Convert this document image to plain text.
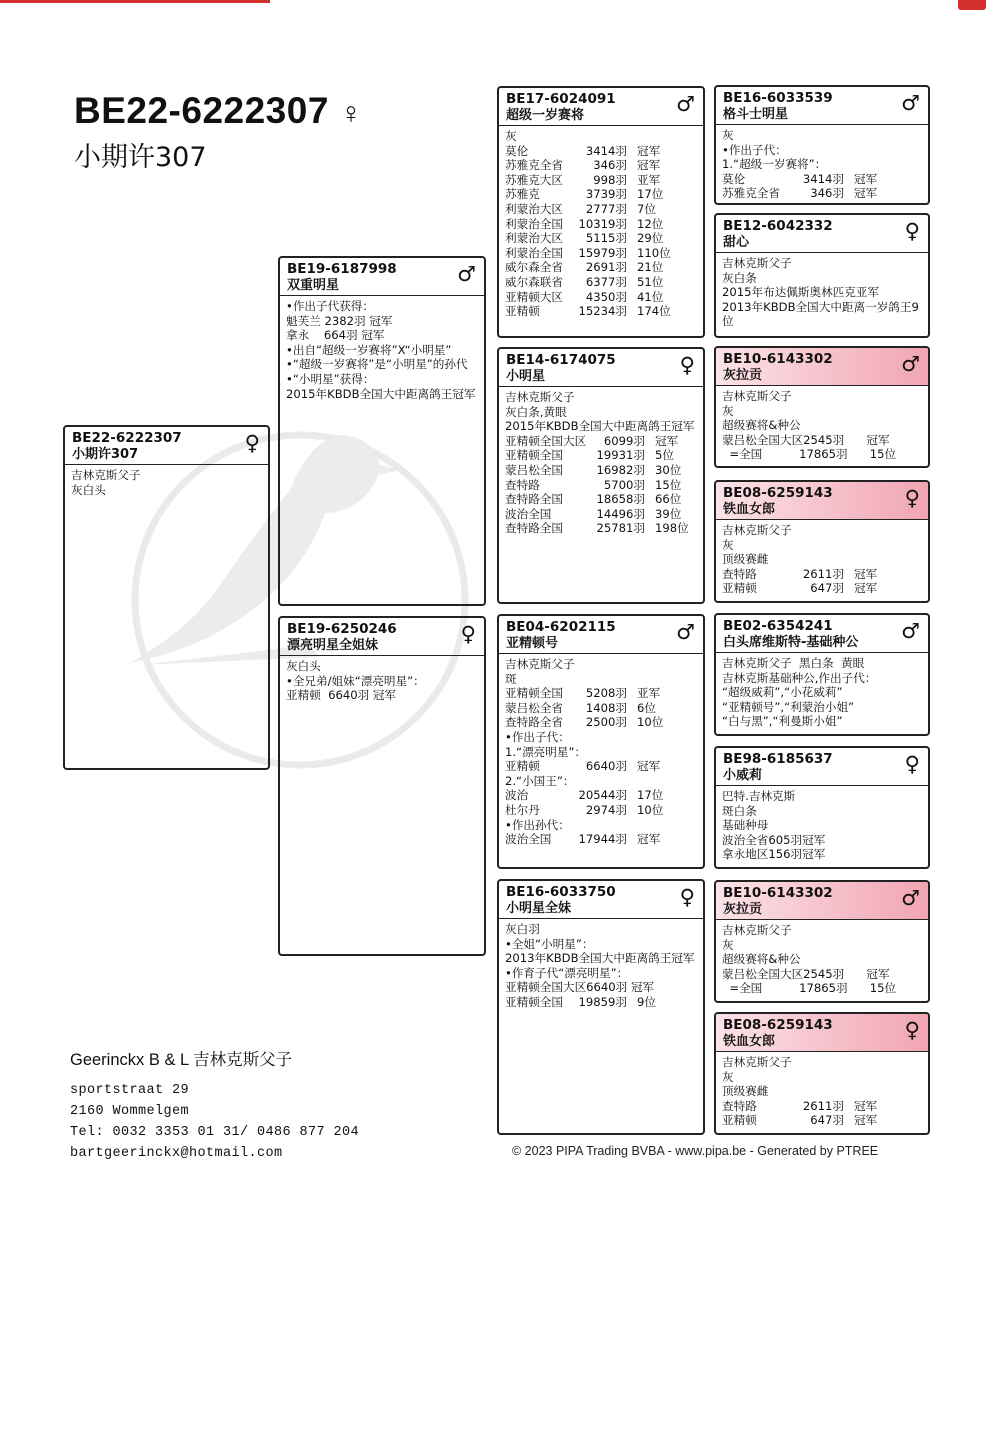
BE22-6222307 ♀
小期许307
BE22-6222307
小期许307	♀
吉林克斯父子
灰白头
BE19-6187998
双重明星	♂
•作出子代获得：
魁芙兰 2382羽 冠军
拿永    664羽 冠军
•出自“超级一岁赛将”X“小明星”
•“超级一岁赛将”是“小明星”的孙代
•“小明星”获得：
2015年KBDB全国大中距离鸽王冠军
BE19-6250246
漂亮明星全姐妹	♀
灰白头
•全兄弟/姐妹“漂亮明星”：
亚精顿  6640羽 冠军
BE17-6024091
超级一岁赛将	♂
灰
莫伦	3414羽 冠军
苏雅克全省	346羽 冠军
苏雅克大区	998羽 亚军
苏雅克	3739羽 17位
利蒙治大区	2777羽 7位
利蒙治全国	10319羽 12位
利蒙治大区	5115羽 29位
利蒙治全国	15979羽 110位
威尔森全省	2691羽 21位
威尔森联省	6377羽 51位
亚精顿大区	4350羽 41位
亚精顿	15234羽 174位
BE14-6174075
小明星	♀
吉林克斯父子
灰白条,黄眼
2015年KBDB全国大中距离鸽王冠军
亚精顿全国大区	6099羽 冠军
亚精顿全国	19931羽 5位
蒙吕松全国	16982羽 30位
查特路	5700羽 15位
查特路全国	18658羽 66位
波治全国	14496羽 39位
查特路全国	25781羽 198位
BE04-6202115
亚精顿号	♂
吉林克斯父子
斑
亚精顿全国	5208羽 亚军
蒙吕松全省	1408羽 6位
查特路全省	2500羽 10位
•作出子代：
1.“漂亮明星”：
亚精顿	6640羽 冠军
2.“小国王”：
波治	20544羽 17位
杜尔丹	2974羽 10位
•作出孙代：
波治全国	17944羽 冠军
BE16-6033750
小明星全妹	♀
灰白羽
•全姐“小明星”：
2013年KBDB全国大中距离鸽王冠军
•作育子代“漂亮明星”：
亚精顿全国大区6640羽 冠军
亚精顿全国	19859羽 9位
BE16-6033539
格斗士明星	♂
灰
•作出子代：
1.“超级一岁赛将”：
莫伦	3414羽 冠军
苏雅克全省	346羽 冠军
BE12-6042332
甜心	♀
吉林克斯父子
灰白条
2015年布达佩斯奥林匹克亚军
2013年KBDB全国大中距离一岁鸽王9
位
BE10-6143302
灰拉贡	♂
吉林克斯父子
灰
超级赛将&种公
蒙吕松全国大区2545羽      冠军
=全国          17865羽      15位
BE08-6259143
铁血女郎	♀
吉林克斯父子
灰
顶级赛雌
查特路	2611羽 冠军
亚精顿	647羽 冠军
BE02-6354241
白头席维斯特-基础种公	♂
吉林克斯父子  黑白条  黄眼
吉林克斯基础种公,作出子代：
“超级威莉”,“小花威莉”
“亚精顿号”,“利蒙治小姐”
“白与黑”,“利曼斯小姐”
BE98-6185637
小威莉	♀
巴特.吉林克斯
斑白条
基础种母
波治全省605羽冠军
拿永地区156羽冠军
BE10-6143302
灰拉贡	♂
吉林克斯父子
灰
超级赛将&种公
蒙吕松全国大区2545羽      冠军
=全国          17865羽      15位
BE08-6259143
铁血女郎	♀
吉林克斯父子
灰
顶级赛雌
查特路	2611羽 冠军
亚精顿	647羽 冠军
Geerinckx B & L 吉林克斯父子
sportstraat 29
2160 Wommelgem
Tel: 0032 3353 01 31/ 0486 877 204
bartgeerinckx@hotmail.com	© 2023 PIPA Trading BVBA - www.pipa.be - Generated by PTREE
